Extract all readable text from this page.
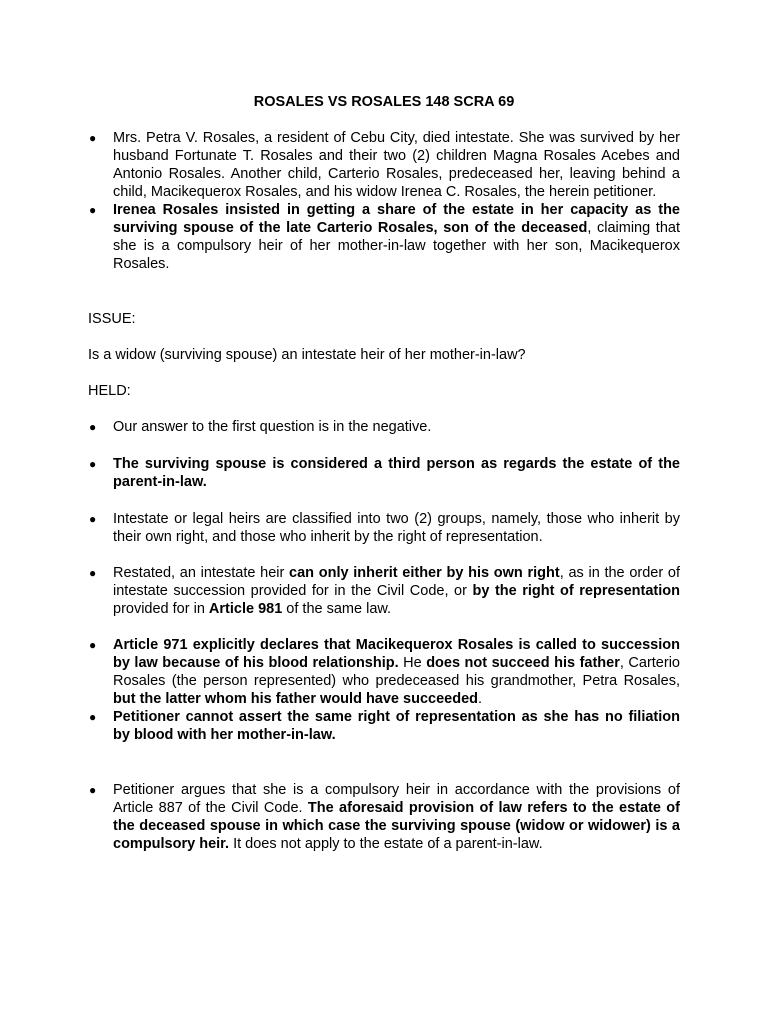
ROSALES VS ROSALES 148 SCRA 69
●	Mrs. Petra V. Rosales, a resident of Cebu City, died intestate. She was survived by her husband Fortunate T. Rosales and their two (2) children Magna Rosales Acebes and Antonio Rosales. Another child, Carterio Rosales, predeceased her, leaving behind a child, Macikequerox Rosales, and his widow Irenea C. Rosales, the herein petitioner.
●	Irenea Rosales insisted in getting a share of the estate in her capacity as the surviving spouse of the late Carterio Rosales, son of the deceased, claiming that she is a compulsory heir of her mother-in-law together with her son, Macikequerox Rosales.
ISSUE:
Is a widow (surviving spouse) an intestate heir of her mother-in-law?
HELD:
●	Our answer to the first question is in the negative.
●	The surviving spouse is considered a third person as regards the estate of the parent-in-law.
●	Intestate or legal heirs are classified into two (2) groups, namely, those who inherit by their own right, and those who inherit by the right of representation.
●	Restated, an intestate heir can only inherit either by his own right, as in the order of intestate succession provided for in the Civil Code, or by the right of representation provided for in Article 981 of the same law.
●	Article 971 explicitly declares that Macikequerox Rosales is called to succession by law because of his blood relationship. He does not succeed his father, Carterio Rosales (the person represented) who predeceased his grandmother, Petra Rosales, but the latter whom his father would have succeeded.
●	Petitioner cannot assert the same right of representation as she has no filiation by blood with her mother-in-law.
●	Petitioner argues that she is a compulsory heir in accordance with the provisions of Article 887 of the Civil Code. The aforesaid provision of law refers to the estate of the deceased spouse in which case the surviving spouse (widow or widower) is a compulsory heir. It does not apply to the estate of a parent-in-law.
